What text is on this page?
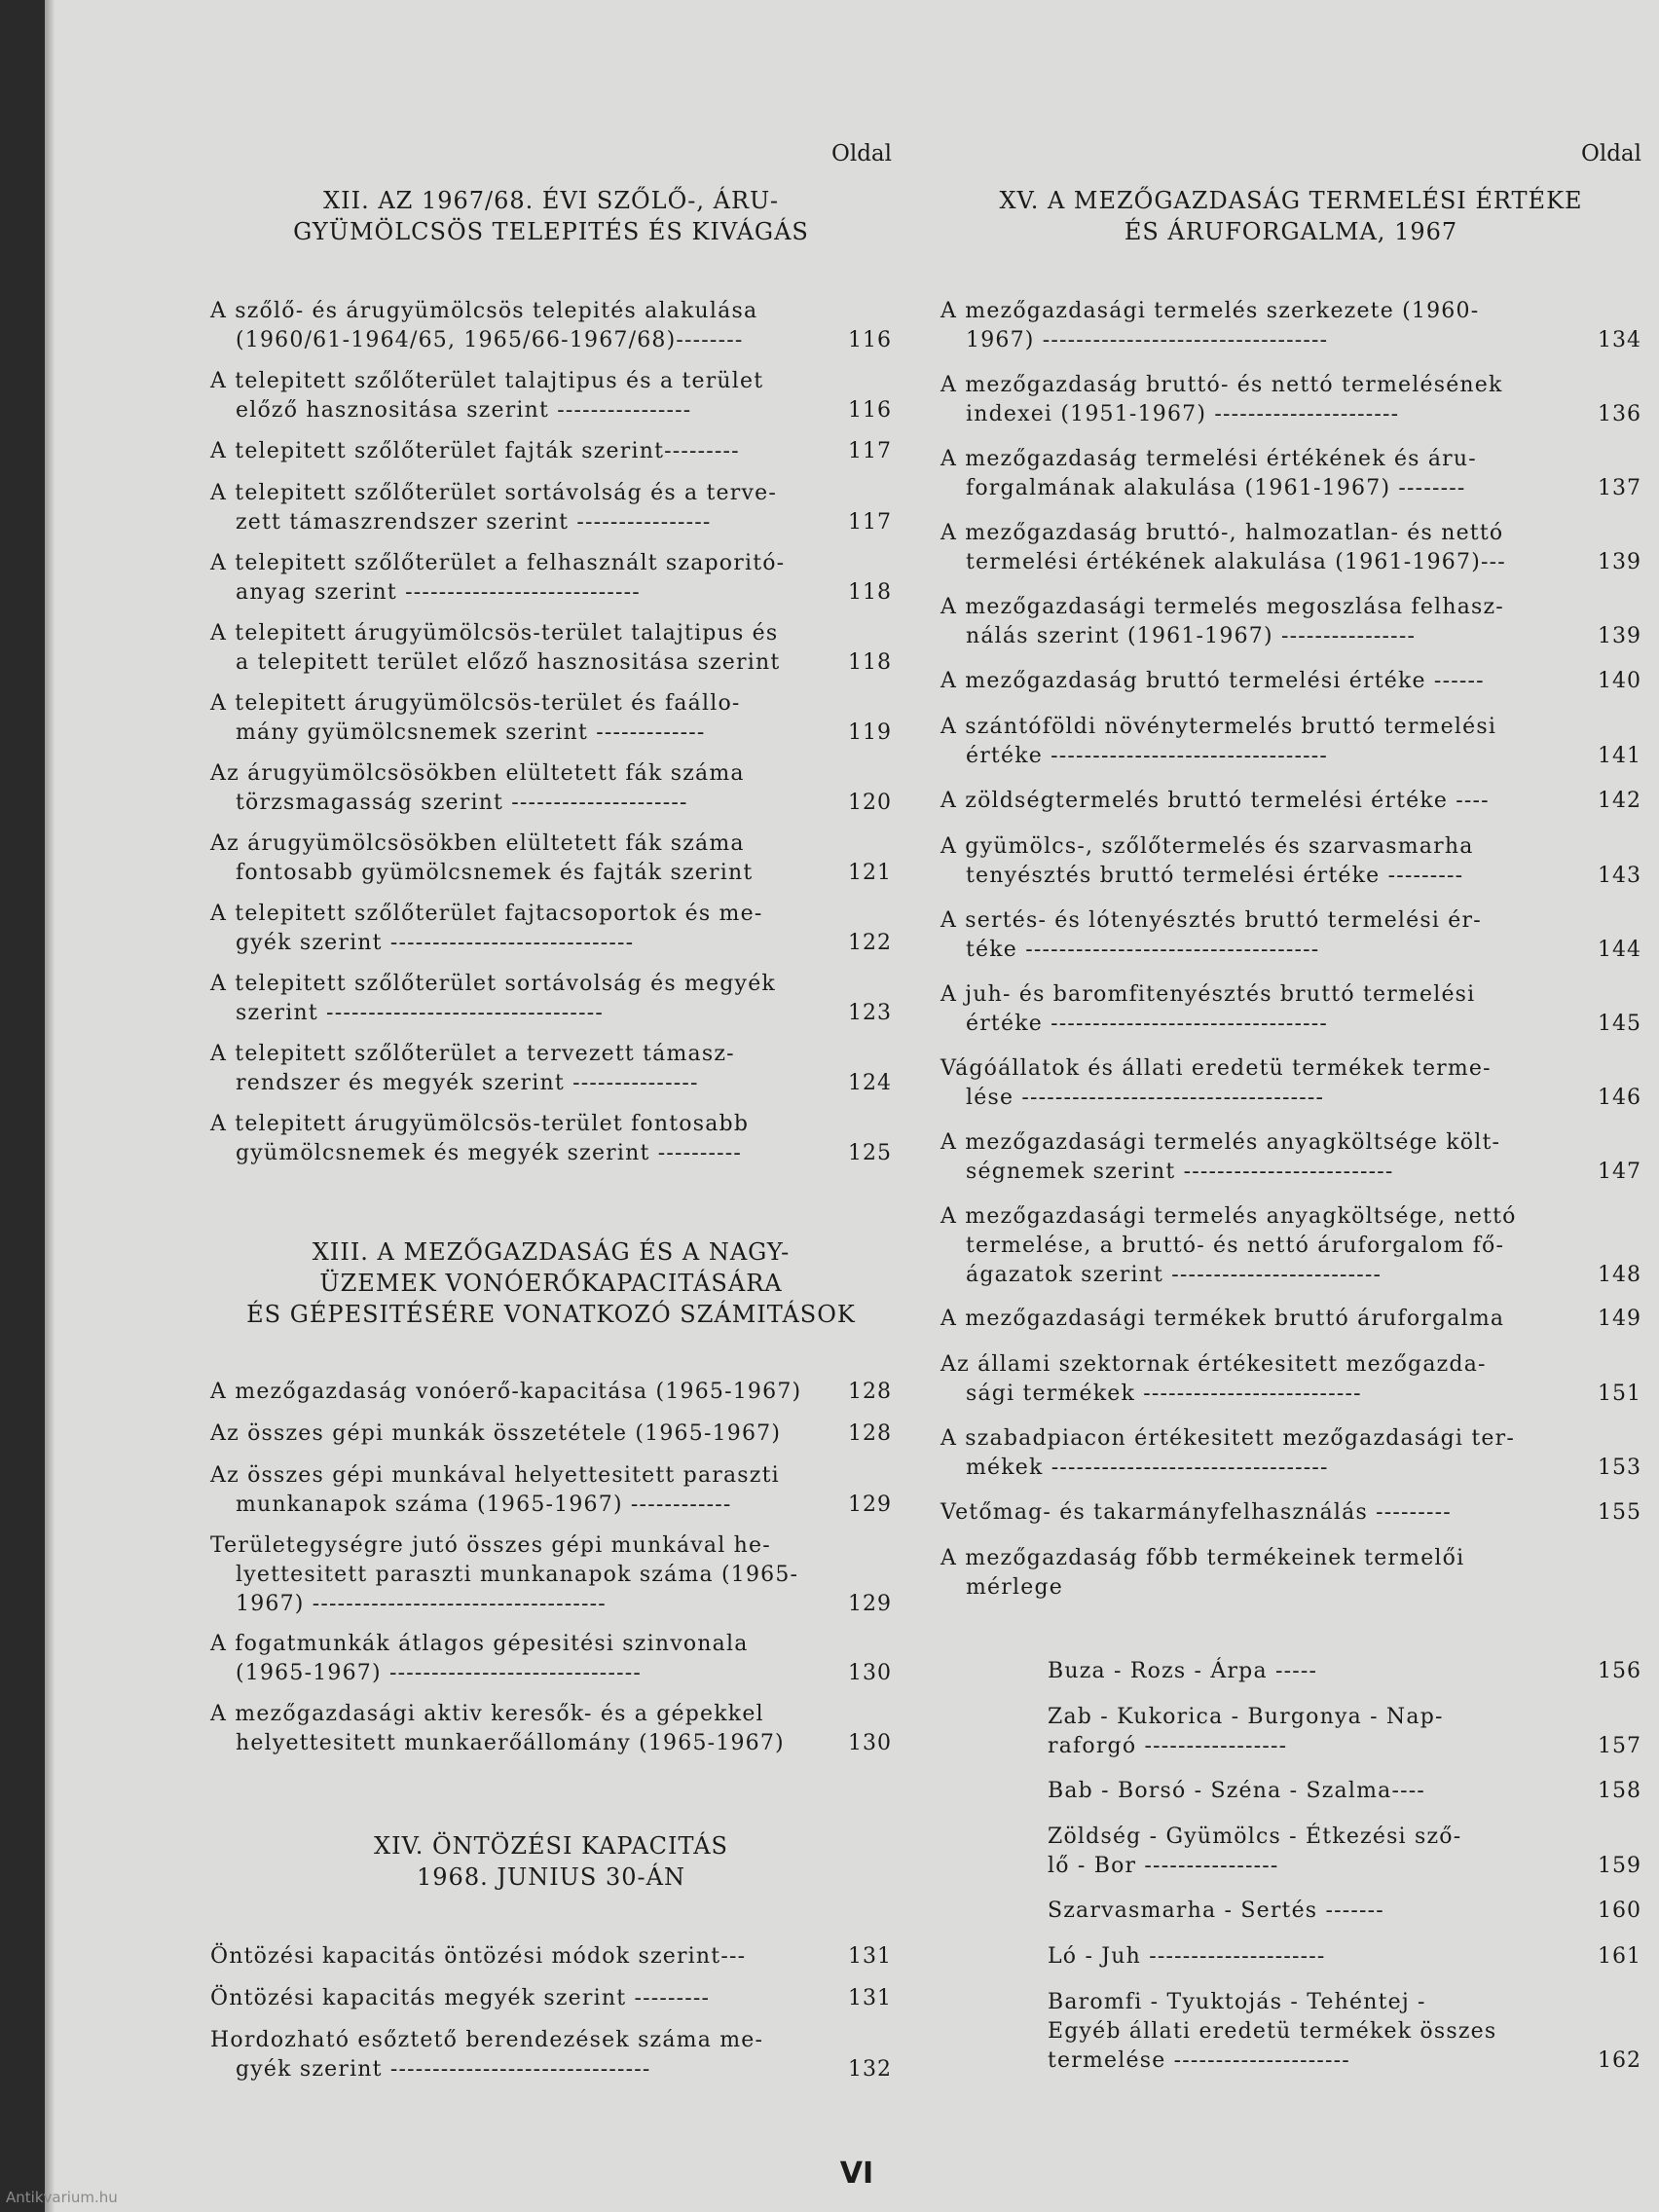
Oldal
XII. AZ 1967/68. ÉVI SZŐLŐ-, ÁRU-
GYÜMÖLCSÖS TELEPITÉS ÉS KIVÁGÁS
A szőlő- és árugyümölcsös telepités alakulása
(1960/61-1964/65, 1965/66-1967/68)--------	116
A telepitett szőlőterület talajtipus és a terület
előző hasznositása szerint ----------------	116
A telepitett szőlőterület fajták szerint---------	117
A telepitett szőlőterület sortávolság és a terve-
zett támaszrendszer szerint ----------------	117
A telepitett szőlőterület a felhasznált szaporitó-
anyag szerint ----------------------------	118
A telepitett árugyümölcsös-terület talajtipus és
a telepitett terület előző hasznositása szerint	118
A telepitett árugyümölcsös-terület és faállo-
mány gyümölcsnemek szerint -------------	119
Az árugyümölcsösökben elültetett fák száma
törzsmagasság szerint ---------------------	120
Az árugyümölcsösökben elültetett fák száma
fontosabb gyümölcsnemek és fajták szerint	121
A telepitett szőlőterület fajtacsoportok és me-
gyék szerint -----------------------------	122
A telepitett szőlőterület sortávolság és megyék
szerint ---------------------------------	123
A telepitett szőlőterület a tervezett támasz-
rendszer és megyék szerint ---------------	124
A telepitett árugyümölcsös-terület fontosabb
gyümölcsnemek és megyék szerint ----------	125
XIII. A MEZŐGAZDASÁG ÉS A NAGY-
ÜZEMEK VONÓERŐKAPACITÁSÁRA
ÉS GÉPESITÉSÉRE VONATKOZÓ SZÁMITÁSOK
A mezőgazdaság vonóerő-kapacitása (1965-1967)	128
Az összes gépi munkák összetétele (1965-1967)	128
Az összes gépi munkával helyettesitett paraszti
munkanapok száma (1965-1967) ------------	129
Területegységre jutó összes gépi munkával he-
lyettesitett paraszti munkanapok száma (1965-
1967) -----------------------------------	129
A fogatmunkák átlagos gépesitési szinvonala
(1965-1967) ------------------------------	130
A mezőgazdasági aktiv keresők- és a gépekkel
helyettesitett munkaerőállomány (1965-1967)	130
XIV. ÖNTÖZÉSI KAPACITÁS
1968. JUNIUS 30-ÁN
Öntözési kapacitás öntözési módok szerint---	131
Öntözési kapacitás megyék szerint ---------	131
Hordozható esőztető berendezések száma me-
gyék szerint -------------------------------	132
Oldal
XV. A MEZŐGAZDASÁG TERMELÉSI ÉRTÉKE
ÉS ÁRUFORGALMA, 1967
A mezőgazdasági termelés szerkezete (1960-
1967) ----------------------------------	134
A mezőgazdaság bruttó- és nettó termelésének
indexei (1951-1967) ----------------------	136
A mezőgazdaság termelési értékének és áru-
forgalmának alakulása (1961-1967) --------	137
A mezőgazdaság bruttó-, halmozatlan- és nettó
termelési értékének alakulása (1961-1967)---	139
A mezőgazdasági termelés megoszlása felhasz-
nálás szerint (1961-1967) ----------------	139
A mezőgazdaság bruttó termelési értéke ------	140
A szántóföldi növénytermelés bruttó termelési
értéke ---------------------------------	141
A zöldségtermelés bruttó termelési értéke ----	142
A gyümölcs-, szőlőtermelés és szarvasmarha
tenyésztés bruttó termelési értéke ---------	143
A sertés- és lótenyésztés bruttó termelési ér-
téke -----------------------------------	144
A juh- és baromfitenyésztés bruttó termelési
értéke ---------------------------------	145
Vágóállatok és állati eredetü termékek terme-
lése ------------------------------------	146
A mezőgazdasági termelés anyagköltsége költ-
ségnemek szerint -------------------------	147
A mezőgazdasági termelés anyagköltsége, nettó
termelése, a bruttó- és nettó áruforgalom fő-
ágazatok szerint -------------------------	148
A mezőgazdasági termékek bruttó áruforgalma	149
Az állami szektornak értékesitett mezőgazda-
sági termékek --------------------------	151
A szabadpiacon értékesitett mezőgazdasági ter-
mékek ---------------------------------	153
Vetőmag- és takarmányfelhasználás ---------	155
A mezőgazdaság főbb termékeinek termelői
mérlege
Buza - Rozs - Árpa -----	156
Zab - Kukorica - Burgonya - Nap-
raforgó -----------------	157
Bab - Borsó - Széna - Szalma----	158
Zöldség - Gyümölcs - Étkezési sző-
lő - Bor ----------------	159
Szarvasmarha - Sertés -------	160
Ló - Juh ---------------------	161
Baromfi - Tyuktojás - Tehéntej -
Egyéb állati eredetü termékek összes
termelése ---------------------	162
VI
Antikvarium.hu
